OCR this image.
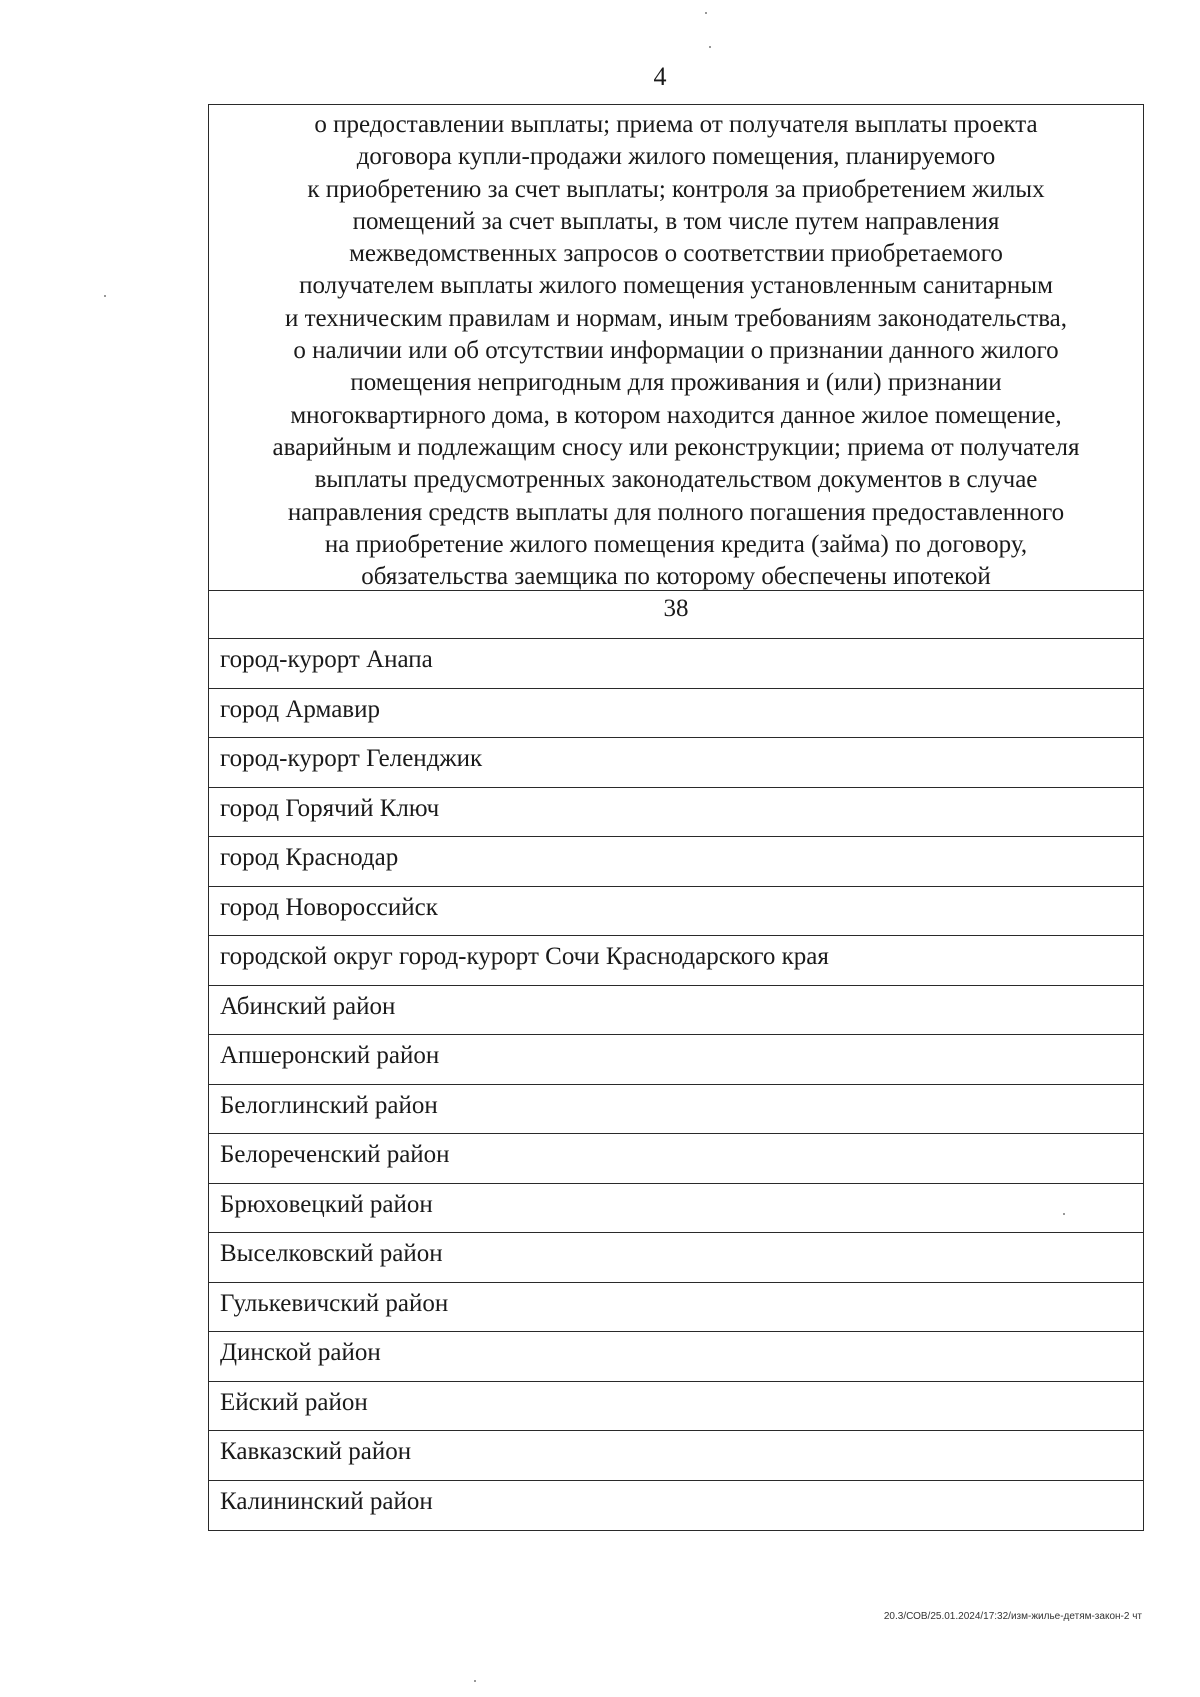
4
о предоставлении выплаты; приема от получателя выплаты проекта
договора купли-продажи жилого помещения, планируемого
к приобретению за счет выплаты; контроля за приобретением жилых
помещений за счет выплаты, в том числе путем направления
межведомственных запросов о соответствии приобретаемого
получателем выплаты жилого помещения установленным санитарным
и техническим правилам и нормам, иным требованиям законодательства,
о наличии или об отсутствии информации о признании данного жилого
помещения непригодным для проживания и (или) признании
многоквартирного дома, в котором находится данное жилое помещение,
аварийным и подлежащим сносу или реконструкции; приема от получателя
выплаты предусмотренных законодательством документов в случае
направления средств выплаты для полного погашения предоставленного
на приобретение жилого помещения кредита (займа) по договору,
обязательства заемщика по которому обеспечены ипотекой
38
город-курорт Анапа
город Армавир
город-курорт Геленджик
город Горячий Ключ
город Краснодар
город Новороссийск
городской округ город-курорт Сочи Краснодарского края
Абинский район
Апшеронский район
Белоглинский район
Белореченский район
Брюховецкий район
Выселковский район
Гулькевичский район
Динской район
Ейский район
Кавказский район
Калининский район
20.3/СОВ/25.01.2024/17:32/изм-жилье-детям-закон-2 чт
